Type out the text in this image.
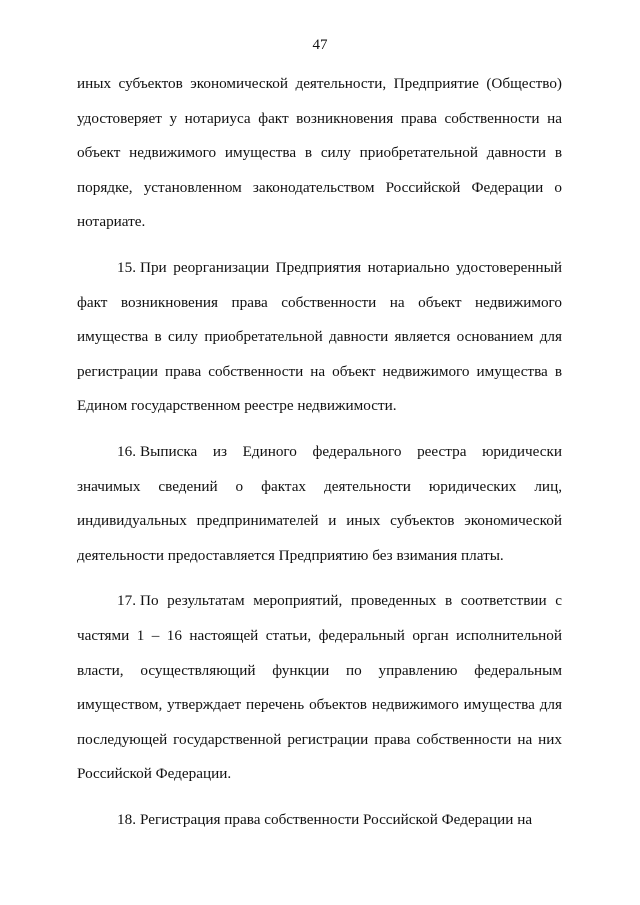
47

иных субъектов экономической деятельности, Предприятие (Общество) удостоверяет у нотариуса факт возникновения права собственности на объект недвижимого имущества в силу приобретательной давности в порядке, установленном законодательством Российской Федерации о нотариате.

15. При реорганизации Предприятия нотариально удостоверенный факт возникновения права собственности на объект недвижимого имущества в силу приобретательной давности является основанием для регистрации права собственности на объект недвижимого имущества в Едином государственном реестре недвижимости.

16. Выписка из Единого федерального реестра юридически значимых сведений о фактах деятельности юридических лиц, индивидуальных предпринимателей и иных субъектов экономической деятельности предоставляется Предприятию без взимания платы.

17. По результатам мероприятий, проведенных в соответствии с частями 1 – 16 настоящей статьи, федеральный орган исполнительной власти, осуществляющий функции по управлению федеральным имуществом, утверждает перечень объектов недвижимого имущества для последующей государственной регистрации права собственности на них Российской Федерации.

18. Регистрация права собственности Российской Федерации на
